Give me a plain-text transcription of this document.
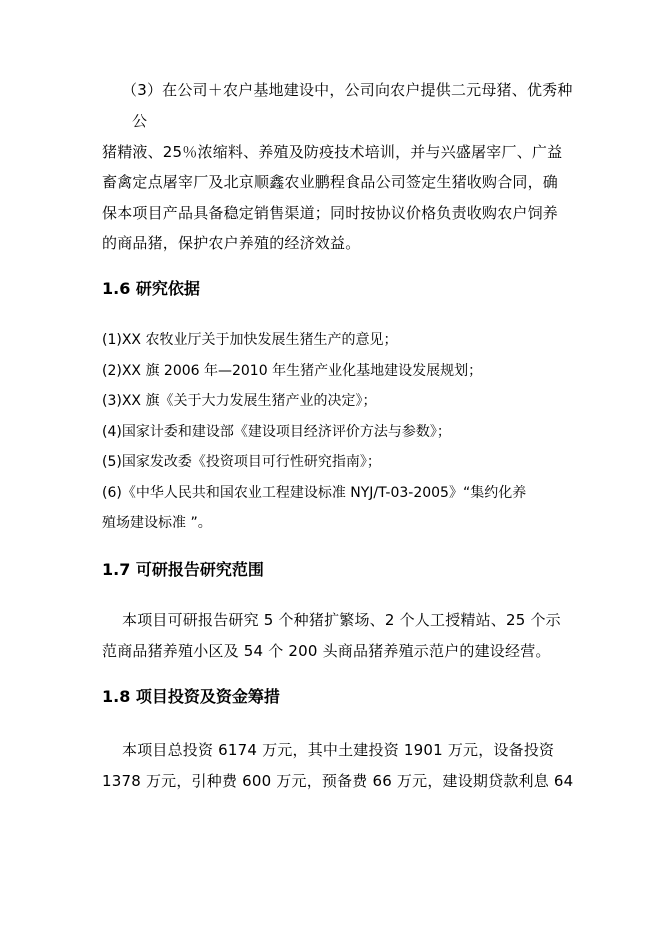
（3）在公司＋农户基地建设中，公司向农户提供二元母猪、优秀种
公
猪精液、25％浓缩料、养殖及防疫技术培训，并与兴盛屠宰厂、广益
畜禽定点屠宰厂及北京顺鑫农业鹏程食品公司签定生猪收购合同，确
保本项目产品具备稳定销售渠道；同时按协议价格负责收购农户饲养
的商品猪，保护农户养殖的经济效益。
1.6 研究依据
(1)XX 农牧业厅关于加快发展生猪生产的意见；
(2)XX 旗 2006 年—2010 年生猪产业化基地建设发展规划；
(3)XX 旗《关于大力发展生猪产业的决定》；
(4)国家计委和建设部《建设项目经济评价方法与参数》；
(5)国家发改委《投资项目可行性研究指南》；
(6)《中华人民共和国农业工程建设标准 NYJ/T-03-2005》“集约化养
殖场建设标准 ”。
1.7 可研报告研究范围
本项目可研报告研究 5 个种猪扩繁场、2 个人工授精站、25 个示
范商品猪养殖小区及 54 个 200 头商品猪养殖示范户的建设经营。
1.8 项目投资及资金筹措
本项目总投资 6174 万元，其中土建投资 1901 万元，设备投资
1378 万元，引种费 600 万元，预备费 66 万元，建设期贷款利息 64
